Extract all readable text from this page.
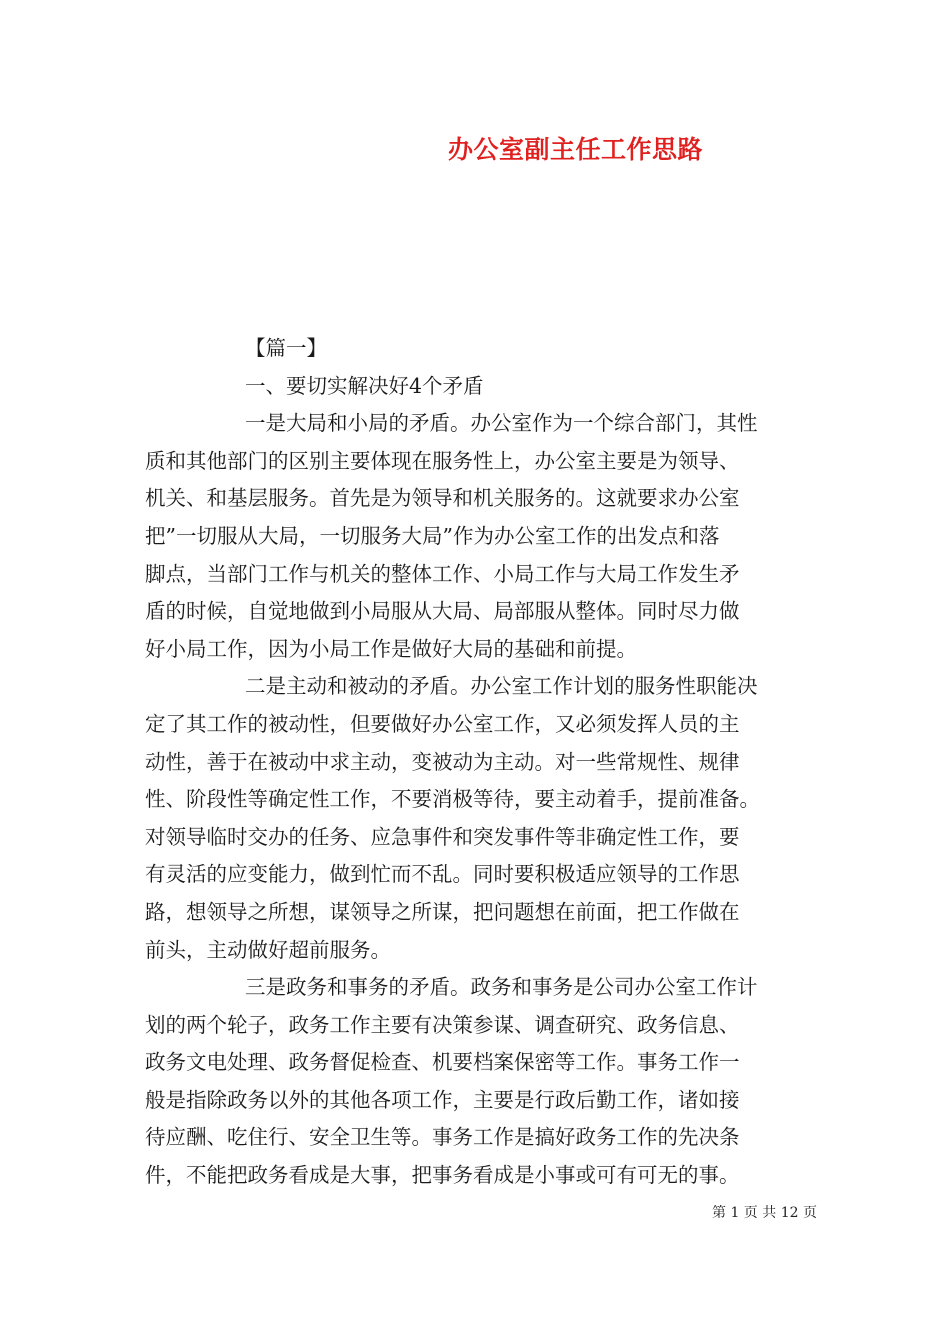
办公室副主任工作思路
【篇一】
一、要切实解决好4个矛盾
一是大局和小局的矛盾。办公室作为一个综合部门，其性
质和其他部门的区别主要体现在服务性上，办公室主要是为领导、
机关、和基层服务。首先是为领导和机关服务的。这就要求办公室
把”一切服从大局，一切服务大局”作为办公室工作的出发点和落
脚点，当部门工作与机关的整体工作、小局工作与大局工作发生矛
盾的时候，自觉地做到小局服从大局、局部服从整体。同时尽力做
好小局工作，因为小局工作是做好大局的基础和前提。
二是主动和被动的矛盾。办公室工作计划的服务性职能决
定了其工作的被动性，但要做好办公室工作，又必须发挥人员的主
动性，善于在被动中求主动，变被动为主动。对一些常规性、规律
性、阶段性等确定性工作，不要消极等待，要主动着手，提前准备。
对领导临时交办的任务、应急事件和突发事件等非确定性工作，要
有灵活的应变能力，做到忙而不乱。同时要积极适应领导的工作思
路，想领导之所想，谋领导之所谋，把问题想在前面，把工作做在
前头，主动做好超前服务。
三是政务和事务的矛盾。政务和事务是公司办公室工作计
划的两个轮子，政务工作主要有决策参谋、调查研究、政务信息、
政务文电处理、政务督促检查、机要档案保密等工作。事务工作一
般是指除政务以外的其他各项工作，主要是行政后勤工作，诸如接
待应酬、吃住行、安全卫生等。事务工作是搞好政务工作的先决条
件，不能把政务看成是大事，把事务看成是小事或可有可无的事。
第 1 页 共 12 页
